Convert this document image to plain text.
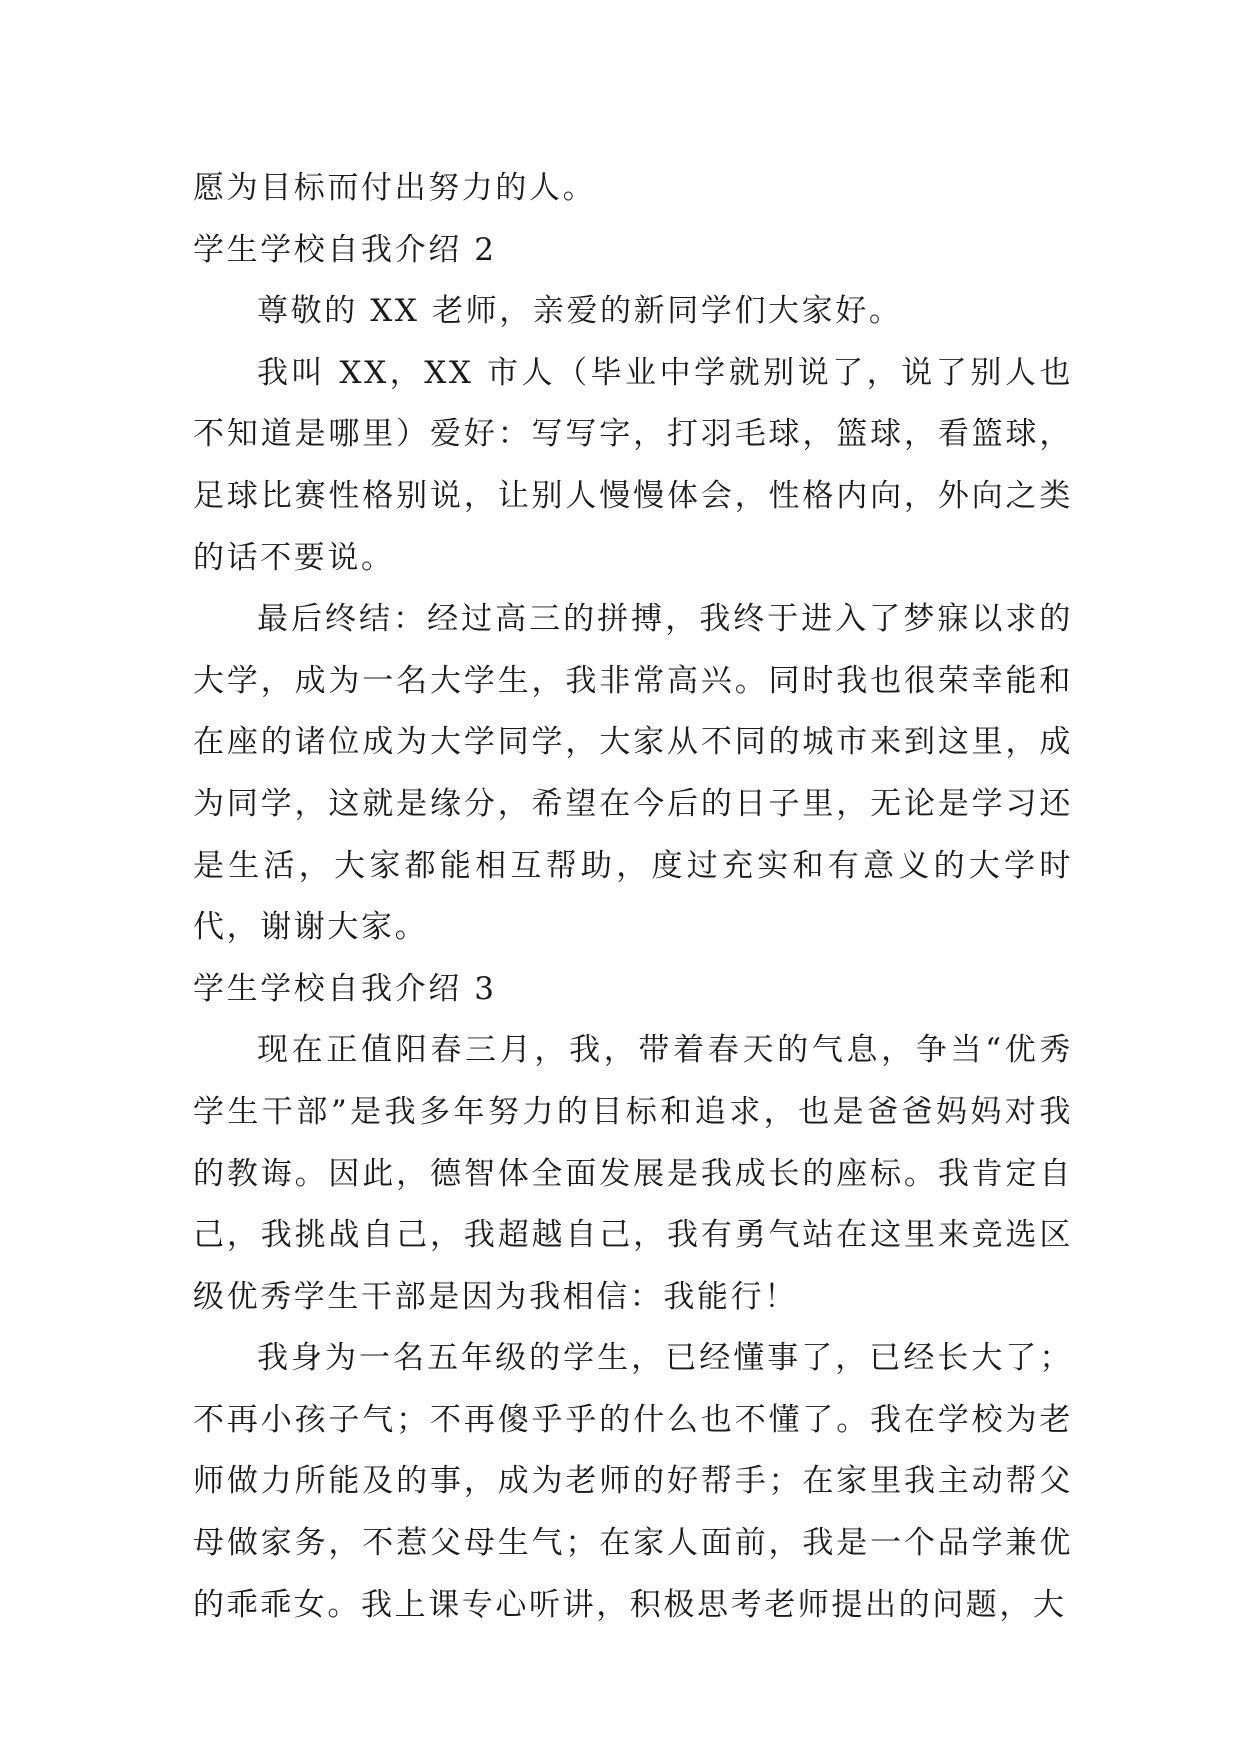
愿为目标而付出努力的人。

学生学校自我介绍 2

尊敬的 XX 老师，亲爱的新同学们大家好。

我叫 XX，XX 市人（毕业中学就别说了，说了别人也不知道是哪里）爱好：写写字，打羽毛球，篮球，看篮球，足球比赛性格别说，让别人慢慢体会，性格内向，外向之类的话不要说。

最后终结：经过高三的拼搏，我终于进入了梦寐以求的大学，成为一名大学生，我非常高兴。同时我也很荣幸能和在座的诸位成为大学同学，大家从不同的城市来到这里，成为同学，这就是缘分，希望在今后的日子里，无论是学习还是生活，大家都能相互帮助，度过充实和有意义的大学时代，谢谢大家。

学生学校自我介绍 3

现在正值阳春三月，我，带着春天的气息，争当“优秀学生干部”是我多年努力的目标和追求，也是爸爸妈妈对我的教诲。因此，德智体全面发展是我成长的座标。我肯定自己，我挑战自己，我超越自己，我有勇气站在这里来竞选区级优秀学生干部是因为我相信：我能行！

我身为一名五年级的学生，已经懂事了，已经长大了；不再小孩子气；不再傻乎乎的什么也不懂了。我在学校为老师做力所能及的事，成为老师的好帮手；在家里我主动帮父母做家务，不惹父母生气；在家人面前，我是一个品学兼优的乖乖女。我上课专心听讲，积极思考老师提出的问题，大
